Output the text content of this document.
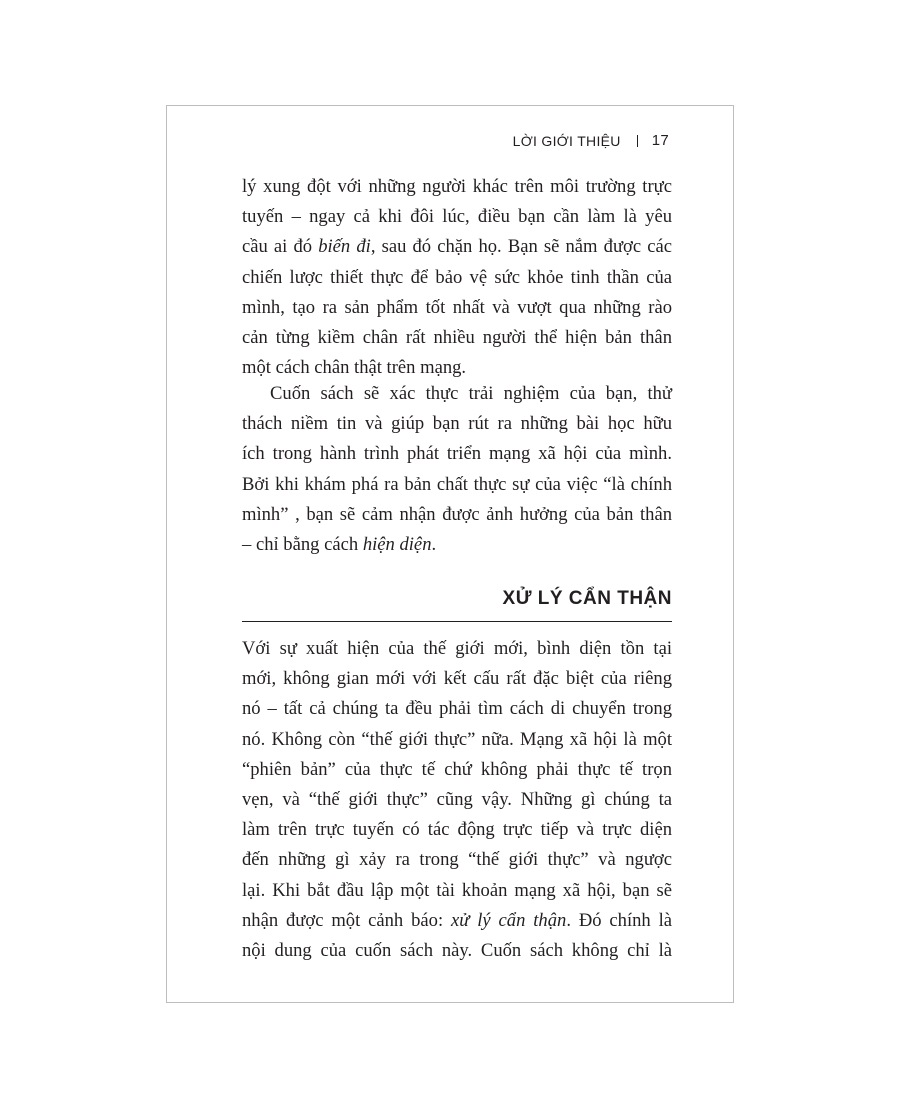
LỜI GIỚI THIỆU 17
lý xung đột với những người khác trên môi trường trực
tuyến – ngay cả khi đôi lúc, điều bạn cần làm là yêu
cầu ai đó biến đi, sau đó chặn họ. Bạn sẽ nắm được các
chiến lược thiết thực để bảo vệ sức khỏe tinh thần của
mình, tạo ra sản phẩm tốt nhất và vượt qua những rào
cản từng kiềm chân rất nhiều người thể hiện bản thân
một cách chân thật trên mạng.
Cuốn sách sẽ xác thực trải nghiệm của bạn, thử
thách niềm tin và giúp bạn rút ra những bài học hữu
ích trong hành trình phát triển mạng xã hội của mình.
Bởi khi khám phá ra bản chất thực sự của việc “là chính
mình” , bạn sẽ cảm nhận được ảnh hưởng của bản thân
– chỉ bằng cách hiện diện.
XỬ LÝ CẨN THẬN
Với sự xuất hiện của thế giới mới, bình diện tồn tại
mới, không gian mới với kết cấu rất đặc biệt của riêng
nó – tất cả chúng ta đều phải tìm cách di chuyển trong
nó. Không còn “thế giới thực” nữa. Mạng xã hội là một
“phiên bản” của thực tế chứ không phải thực tế trọn
vẹn, và “thế giới thực” cũng vậy. Những gì chúng ta
làm trên trực tuyến có tác động trực tiếp và trực diện
đến những gì xảy ra trong “thế giới thực” và ngược
lại. Khi bắt đầu lập một tài khoản mạng xã hội, bạn sẽ
nhận được một cảnh báo: xử lý cẩn thận. Đó chính là
nội dung của cuốn sách này. Cuốn sách không chỉ là
